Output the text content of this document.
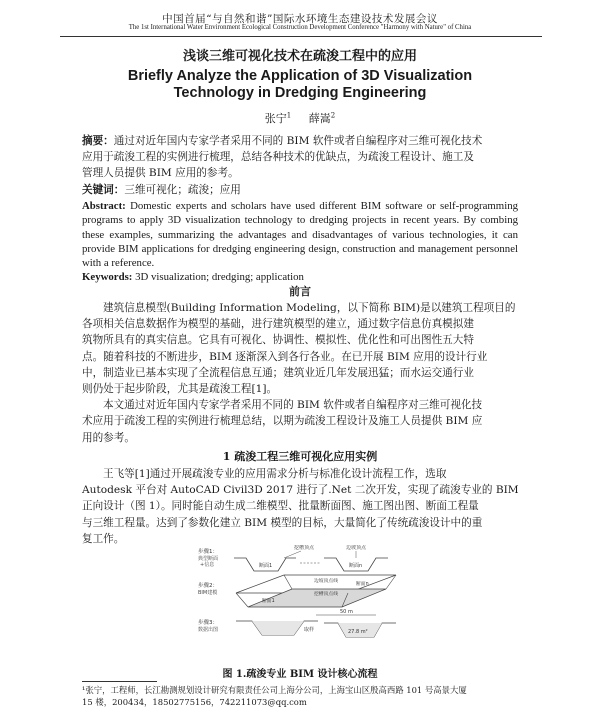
中国首届“与自然和谐”国际水环境生态建设技术发展会议
The 1st International Water Environment Ecological Construction Development Conference "Harmony with Nature" of China
浅谈三维可视化技术在疏浚工程中的应用
Briefly Analyze the Application of 3D Visualization
Technology in Dredging Engineering
张宁$^1$ 薛嵩$^2$
摘要：通过对近年国内专家学者采用不同的 BIM 软件或者自编程序对三维可视化技术
应用于疏浚工程的实例进行梳理，总结各种技术的优缺点，为疏浚工程设计、施工及
管理人员提供 BIM 应用的参考。
关键词：三维可视化；疏浚；应用
Abstract: Domestic experts and scholars have used different BIM software or self-programming programs to apply 3D visualization technology to dredging projects in recent years. By combing these examples, summarizing the advantages and disadvantages of various technologies, it can provide BIM applications for dredging engineering design, construction and management personnel with a reference.
Keywords: 3D visualization; dredging; application
前言
建筑信息模型(Building Information Modeling，以下简称 BIM)是以建筑工程项目的
各项相关信息数据作为模型的基础，进行建筑模型的建立，通过数字信息仿真模拟建
筑物所具有的真实信息。它具有可视化、协调性、模拟性、优化性和可出图性五大特
点。随着科技的不断进步，BIM 逐渐深入到各行各业。在已开展 BIM 应用的设计行业
中，制造业已基本实现了全流程信息互通；建筑业近几年发展迅猛；而水运交通行业
则仍处于起步阶段，尤其是疏浚工程[1]。
本文通过对近年国内专家学者采用不同的 BIM 软件或者自编程序对三维可视化技
术应用于疏浚工程的实例进行梳理总结，以期为疏浚工程设计及施工人员提供 BIM 应
用的参考。
1 疏浚工程三维可视化应用实例
王飞等[1]通过开展疏浚专业的应用需求分析与标准化设计流程工作，选取
Autodesk 平台对 AutoCAD Civil3D 2017 进行了.Net 二次开发，实现了疏浚专业的 BIM
正向设计（图 1）。同时能自动生成二维模型、批量断面图、施工图出图、断面工程量
与三维工程量。达到了参数化建立 BIM 模型的目标，大量简化了传统疏浚设计中的重
复工作。
步骤1：
典型断面
+信息
步骤2：
BIM建模
步骤3：
数据出图
挖槽顶点	边坡顶点
断面1	断面n
边坡顶点线
挖槽顶点线
断面1
断面n
50 m
取样	27.8 m²
图 1.疏浚专业 BIM 设计核心流程
¹张宁，工程师，长江勘测规划设计研究有限责任公司上海分公司，上海宝山区殷高西路 101 号高景大厦
15 楼，200434，18502775156，742211073@qq.com
